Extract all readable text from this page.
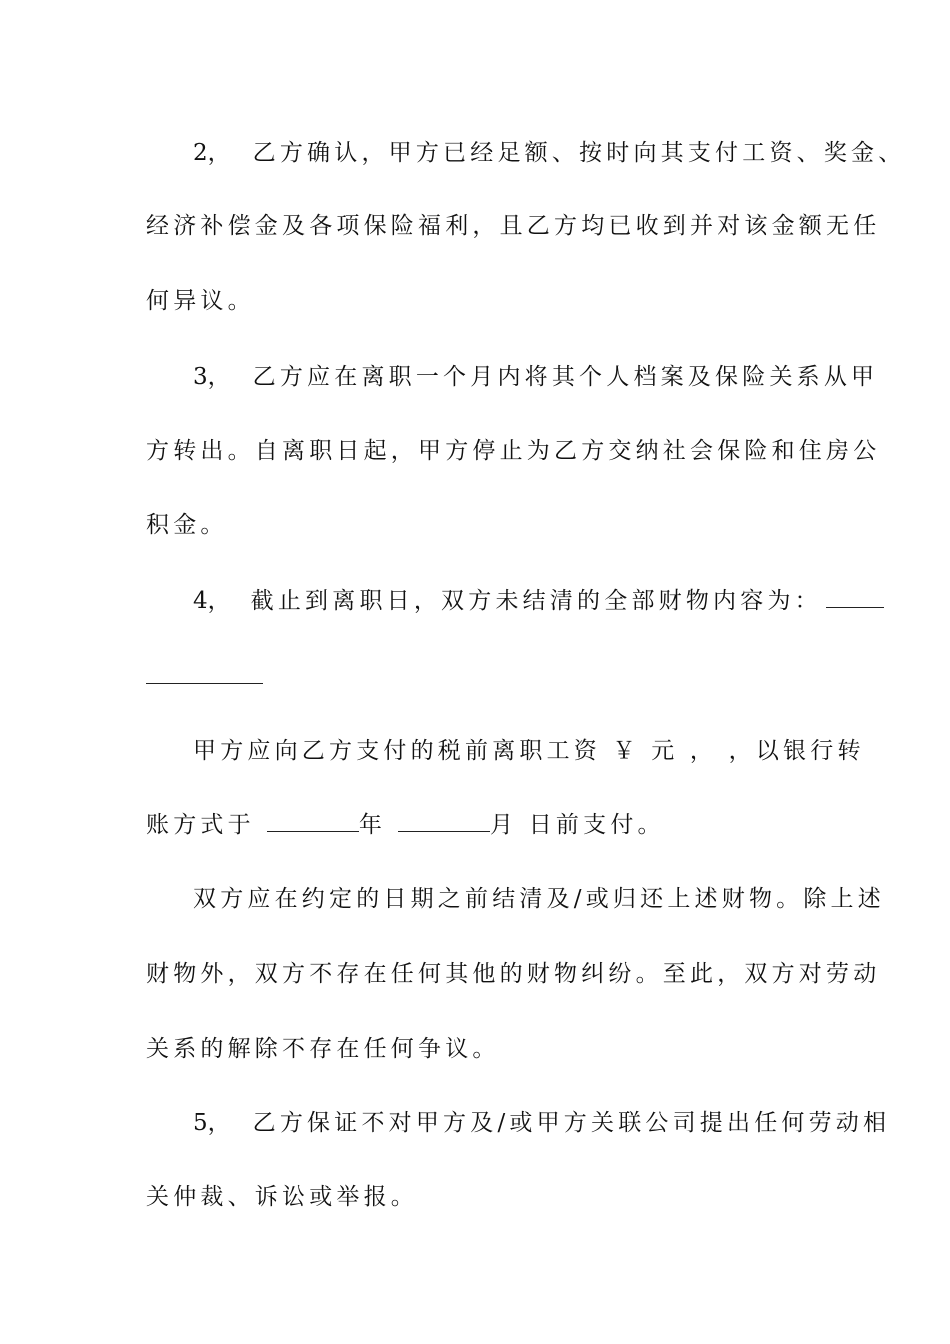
2， 乙方确认，甲方已经足额、按时向其支付工资、奖金、
经济补偿金及各项保险福利，且乙方均已收到并对该金额无任
何异议。
3， 乙方应在离职一个月内将其个人档案及保险关系从甲
方转出。自离职日起，甲方停止为乙方交纳社会保险和住房公
积金。
4， 截止到离职日，双方未结清的全部财物内容为：
甲方应向乙方支付的税前离职工资 ￥ 元 ， ，以银行转
账方式于	年	月 日前支付。
双方应在约定的日期之前结清及/或归还上述财物。除上述
财物外，双方不存在任何其他的财物纠纷。至此，双方对劳动
关系的解除不存在任何争议。
5， 乙方保证不对甲方及/或甲方关联公司提出任何劳动相
关仲裁、诉讼或举报。
